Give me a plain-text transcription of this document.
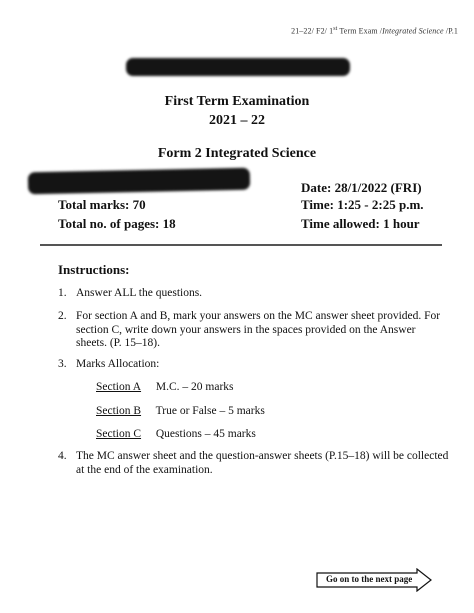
21–22/ F2/ 1st Term Exam /Integrated Science /P.1
First Term Examination
2021 – 22
Form 2 Integrated Science
Total marks: 70
Total no. of pages: 18
Date: 28/1/2022 (FRI)
Time: 1:25 - 2:25 p.m.
Time allowed: 1 hour
Instructions:
1. Answer ALL the questions.
2. For section A and B, mark your answers on the MC answer sheet provided. For section C, write down your answers in the spaces provided on the Answer sheets. (P. 15–18).
3. Marks Allocation:
Section A M.C. – 20 marks
Section B True or False – 5 marks
Section C Questions – 45 marks
4. The MC answer sheet and the question-answer sheets (P.15–18) will be collected at the end of the examination.
Go on to the next page
